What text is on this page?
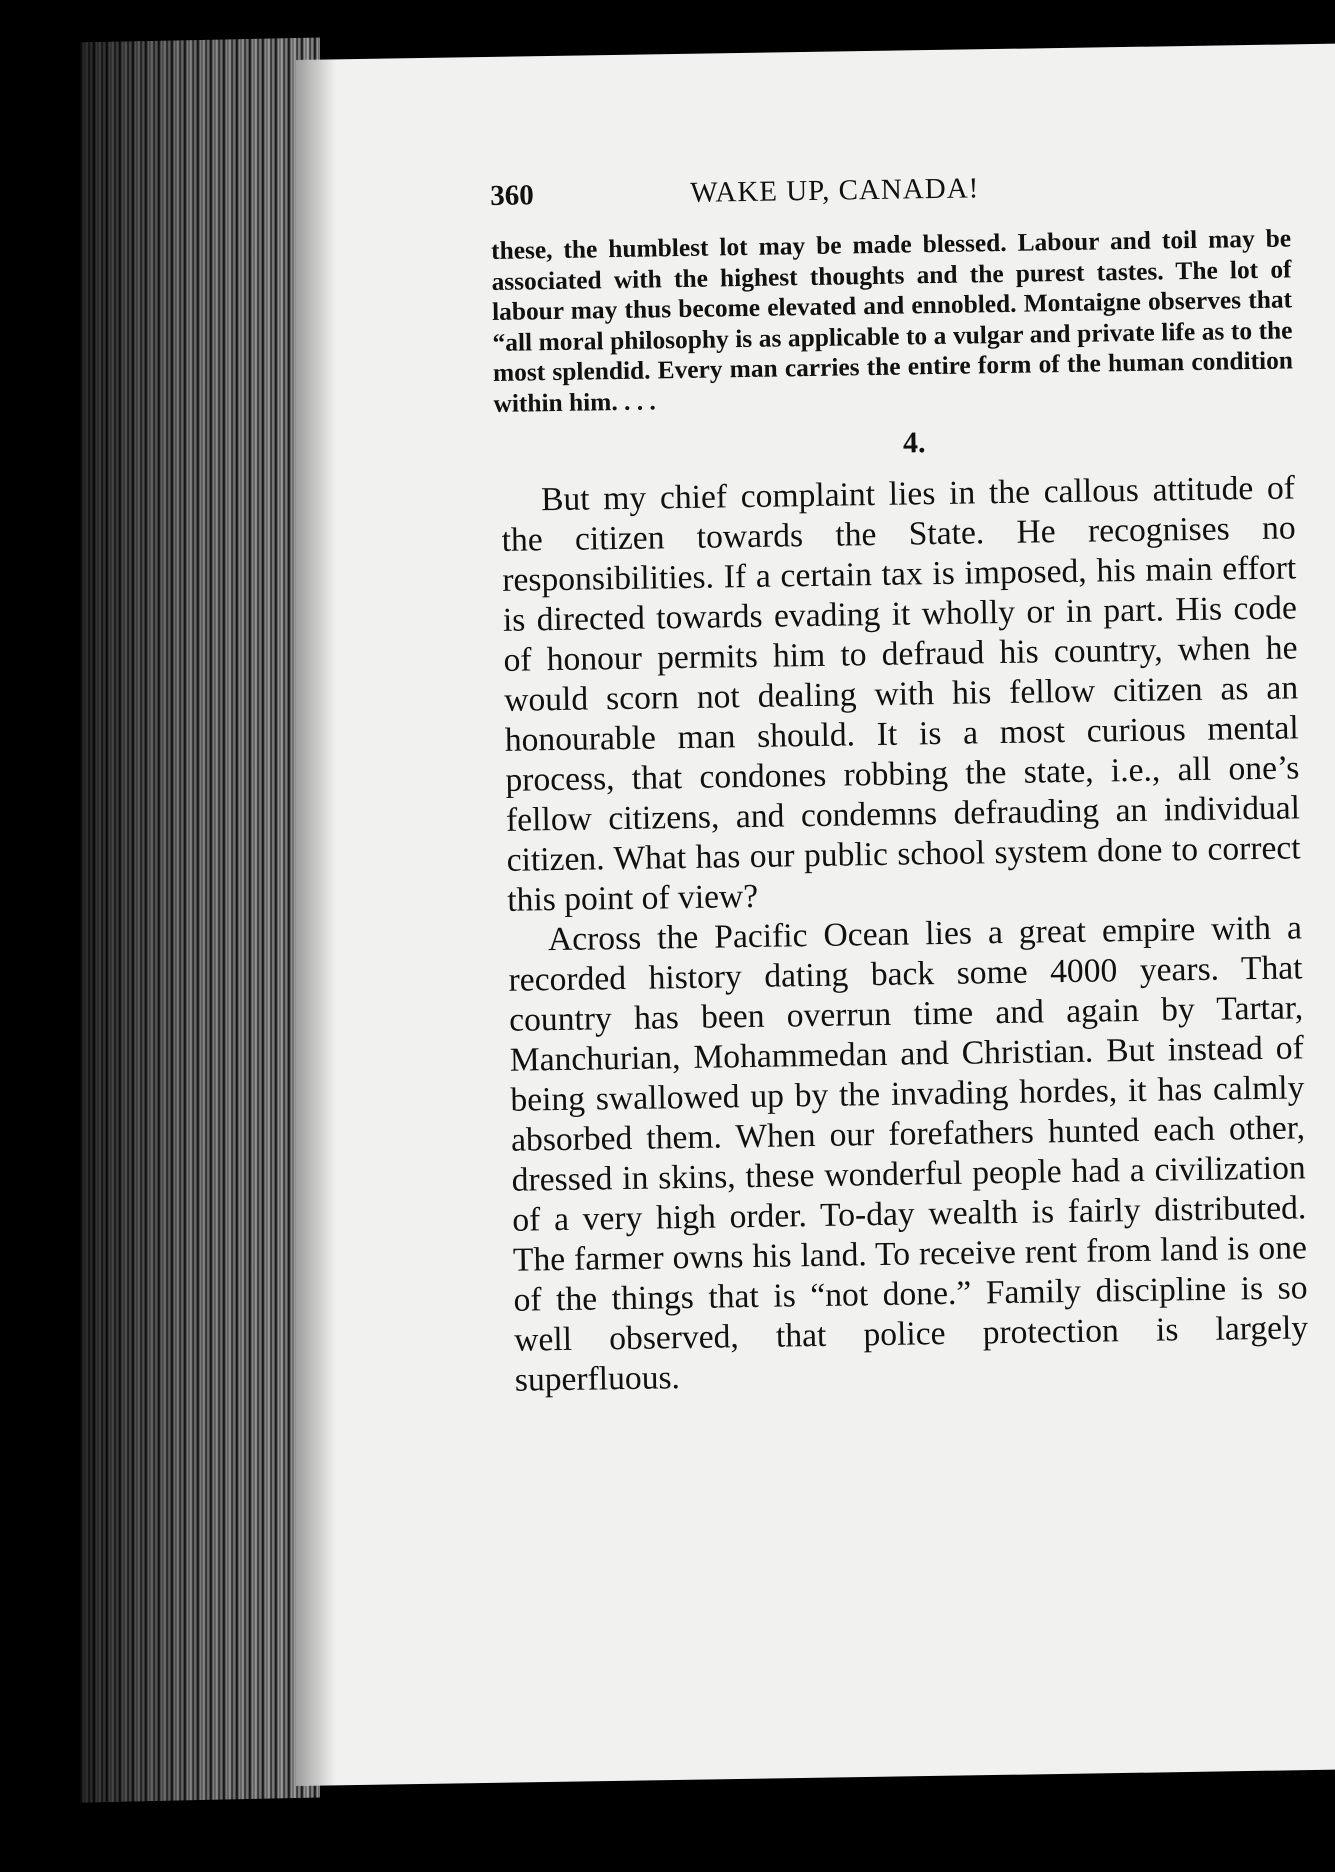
360	WAKE UP, CANADA!

these, the humblest lot may be made blessed. Labour and toil may be associated with the highest thoughts and the purest tastes. The lot of labour may thus become elevated and ennobled. Montaigne observes that “all moral philosophy is as applicable to a vulgar and private life as to the most splendid. Every man carries the entire form of the human condition within him. . . .

4.

But my chief complaint lies in the callous attitude of the citizen towards the State. He recognises no responsibilities. If a certain tax is imposed, his main effort is directed towards evading it wholly or in part. His code of honour permits him to defraud his country, when he would scorn not dealing with his fellow citizen as an honourable man should. It is a most curious mental process, that condones robbing the state, i.e., all one’s fellow citizens, and condemns defrauding an individual citizen. What has our public school system done to correct this point of view?

Across the Pacific Ocean lies a great empire with a recorded history dating back some 4000 years. That country has been overrun time and again by Tartar, Manchurian, Mohammedan and Christian. But instead of being swallowed up by the invading hordes, it has calmly absorbed them. When our forefathers hunted each other, dressed in skins, these wonderful people had a civilization of a very high order. To-day wealth is fairly distributed. The farmer owns his land. To receive rent from land is one of the things that is “not done.” Family discipline is so well observed, that police protection is largely superfluous.
